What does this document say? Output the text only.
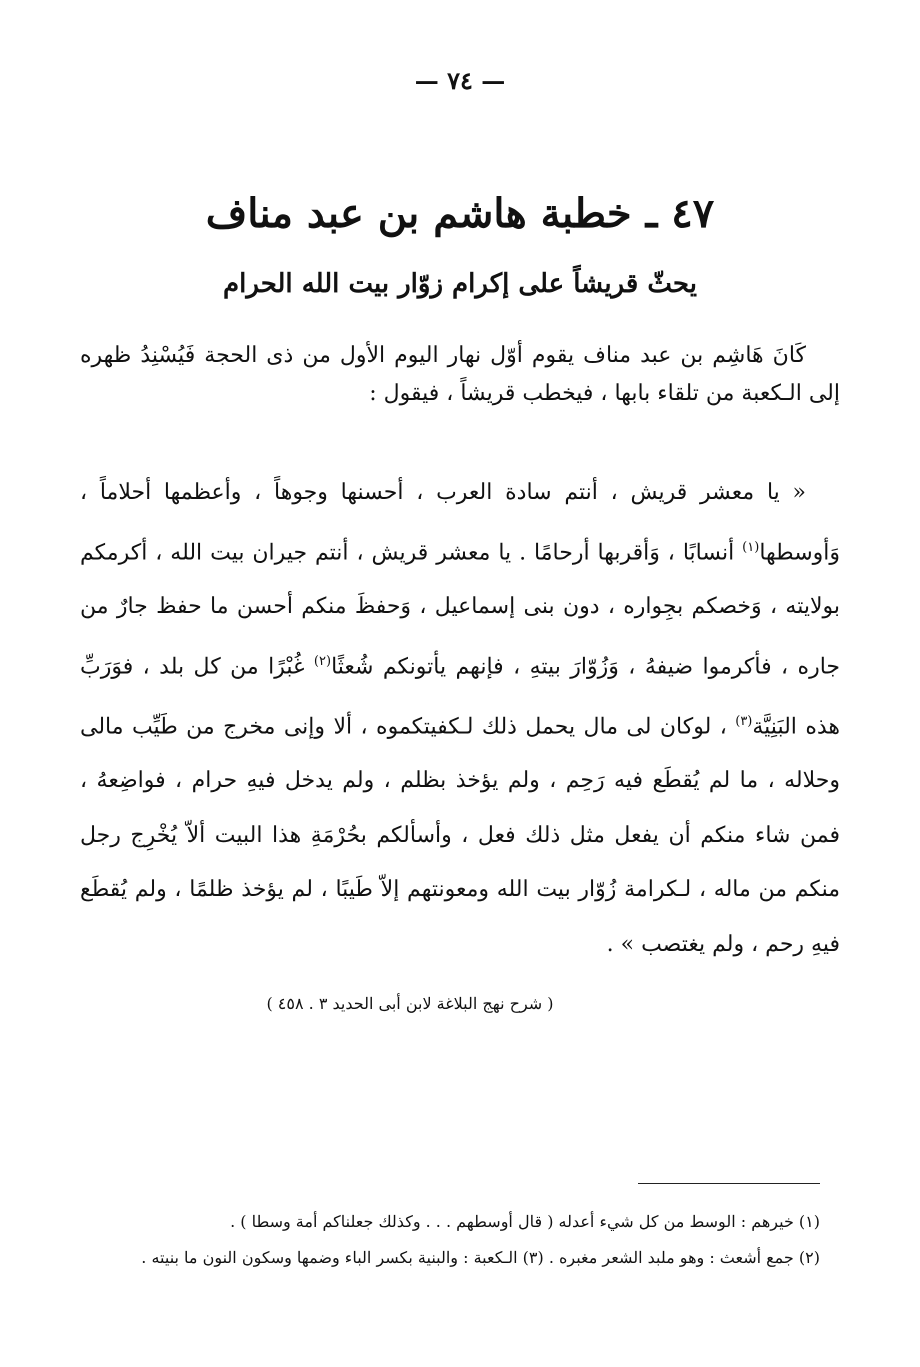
— ٧٤ —
٤٧ ـ خطبة هاشم بن عبد مناف
يحثّ قريشاً على إكرام زوّار بيت الله الحرام

كَانَ هَاشِم بن عبد مناف يقوم أوّل نهار اليوم الأول من ذى الحجة فَيُسْنِدُ ظهره إلى الـكعبة من تلقاء بابها ، فيخطب قريشاً ، فيقول :

« يا معشر قريش ، أنتم سادة العرب ، أحسنها وجوهاً ، وأعظمها أحلاماً ، وَأوسطها$^{(١)}$ أنسابًا ، وَأقربها أرحامًا . يا معشر قريش ، أنتم جيران بيت الله ، أكرمكم بولايته ، وَخصكم بجِواره ، دون بنى إسماعيل ، وَحفظَ منكم أحسن ما حفظ جارٌ من جاره ، فأكرموا ضيفهُ ، وَزُوّارَ بيتهِ ، فإنهم يأتونكم شُعثًا$^{(٢)}$ غُبْرًا من كل بلد ، فوَرَبِّ هذه البَنِيَّة$^{(٣)}$ ، لوكان لى مال يحمل ذلك لـكفيتكموه ، ألا وإنى مخرج من طَيِّب مالى وحلاله ، ما لم يُقطَع فيه رَحِم ، ولم يؤخذ بظلم ، ولم يدخل فيهِ حرام ، فواضِعهُ ، فمن شاء منكم أن يفعل مثل ذلك فعل ، وأسألكم بحُرْمَةِ هذا البيت ألاّ يُخْرِج رجل منكم من ماله ، لـكرامة زُوّار بيت الله ومعونتهم إلاّ طَيبًا ، لم يؤخذ ظلمًا ، ولم يُقطَع فيهِ رحم ، ولم يغتصب » .

( شرح نهج البلاغة لابن أبى الحديد ٣ . ٤٥٨ )

(١) خيرهم : الوسط من كل شيء أعدله ( قال أوسطهم . . . وكذلك جعلناكم أمة وسطا ) .

(٢) جمع أشعث : وهو ملبد الشعر مغبره . (٣) الـكعبة : والبنية بكسر الباء وضمها وسكون النون ما بنيته .
